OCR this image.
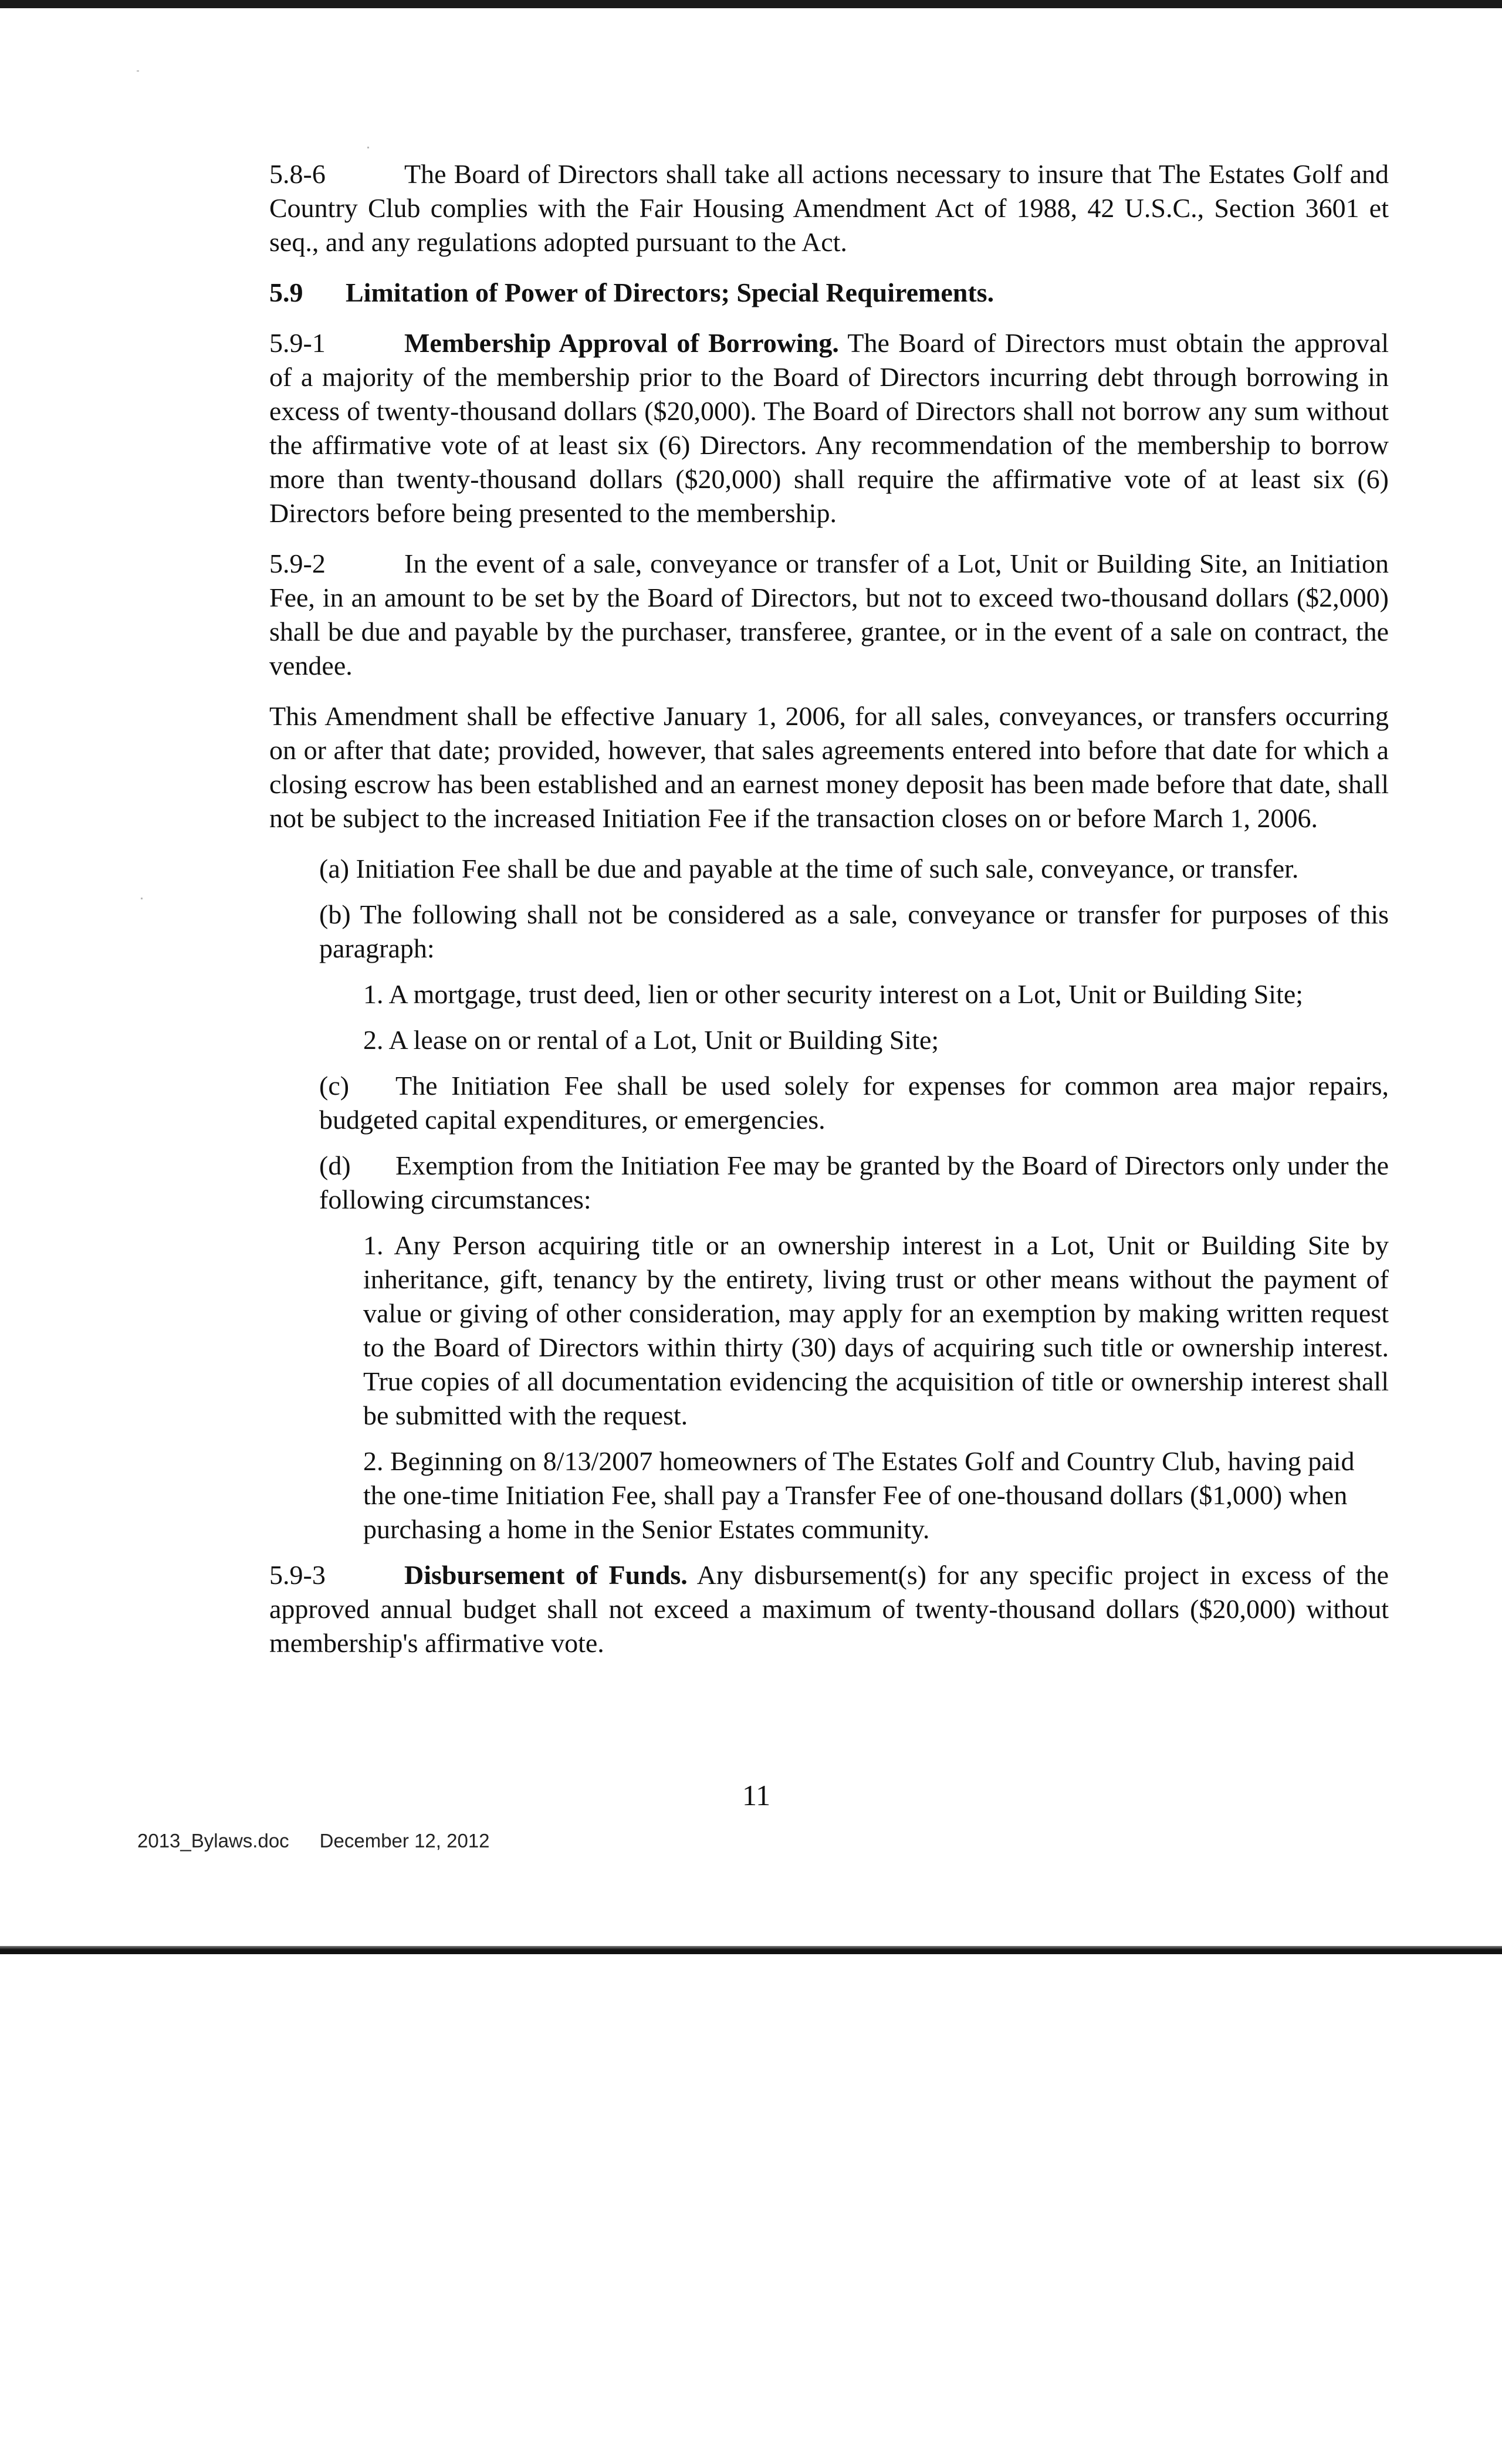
5.8-6	The Board of Directors shall take all actions necessary to insure that The Estates Golf and Country Club complies with the Fair Housing Amendment Act of 1988, 42 U.S.C., Section 3601 et seq., and any regulations adopted pursuant to the Act.

5.9 Limitation of Power of Directors; Special Requirements.

5.9-1	Membership Approval of Borrowing. The Board of Directors must obtain the approval of a majority of the membership prior to the Board of Directors incurring debt through borrowing in excess of twenty-thousand dollars ($20,000). The Board of Directors shall not borrow any sum without the affirmative vote of at least six (6) Directors. Any recommendation of the membership to borrow more than twenty-thousand dollars ($20,000) shall require the affirmative vote of at least six (6) Directors before being presented to the membership.

5.9-2	In the event of a sale, conveyance or transfer of a Lot, Unit or Building Site, an Initiation Fee, in an amount to be set by the Board of Directors, but not to exceed two-thousand dollars ($2,000) shall be due and payable by the purchaser, transferee, grantee, or in the event of a sale on contract, the vendee.

This Amendment shall be effective January 1, 2006, for all sales, conveyances, or transfers occurring on or after that date; provided, however, that sales agreements entered into before that date for which a closing escrow has been established and an earnest money deposit has been made before that date, shall not be subject to the increased Initiation Fee if the transaction closes on or before March 1, 2006.

(a) Initiation Fee shall be due and payable at the time of such sale, conveyance, or transfer.

(b) The following shall not be considered as a sale, conveyance or transfer for purposes of this paragraph:

1. A mortgage, trust deed, lien or other security interest on a Lot, Unit or Building Site;

2. A lease on or rental of a Lot, Unit or Building Site;

(c) The Initiation Fee shall be used solely for expenses for common area major repairs, budgeted capital expenditures, or emergencies.

(d) Exemption from the Initiation Fee may be granted by the Board of Directors only under the following circumstances:

1. Any Person acquiring title or an ownership interest in a Lot, Unit or Building Site by inheritance, gift, tenancy by the entirety, living trust or other means without the payment of value or giving of other consideration, may apply for an exemption by making written request to the Board of Directors within thirty (30) days of acquiring such title or ownership interest. True copies of all documentation evidencing the acquisition of title or ownership interest shall be submitted with the request.

2. Beginning on 8/13/2007 homeowners of The Estates Golf and Country Club, having paid the one-time Initiation Fee, shall pay a Transfer Fee of one-thousand dollars ($1,000) when purchasing a home in the Senior Estates community.

5.9-3	Disbursement of Funds. Any disbursement(s) for any specific project in excess of the approved annual budget shall not exceed a maximum of twenty-thousand dollars ($20,000) without membership's affirmative vote.

11
2013_Bylaws.doc December 12, 2012
